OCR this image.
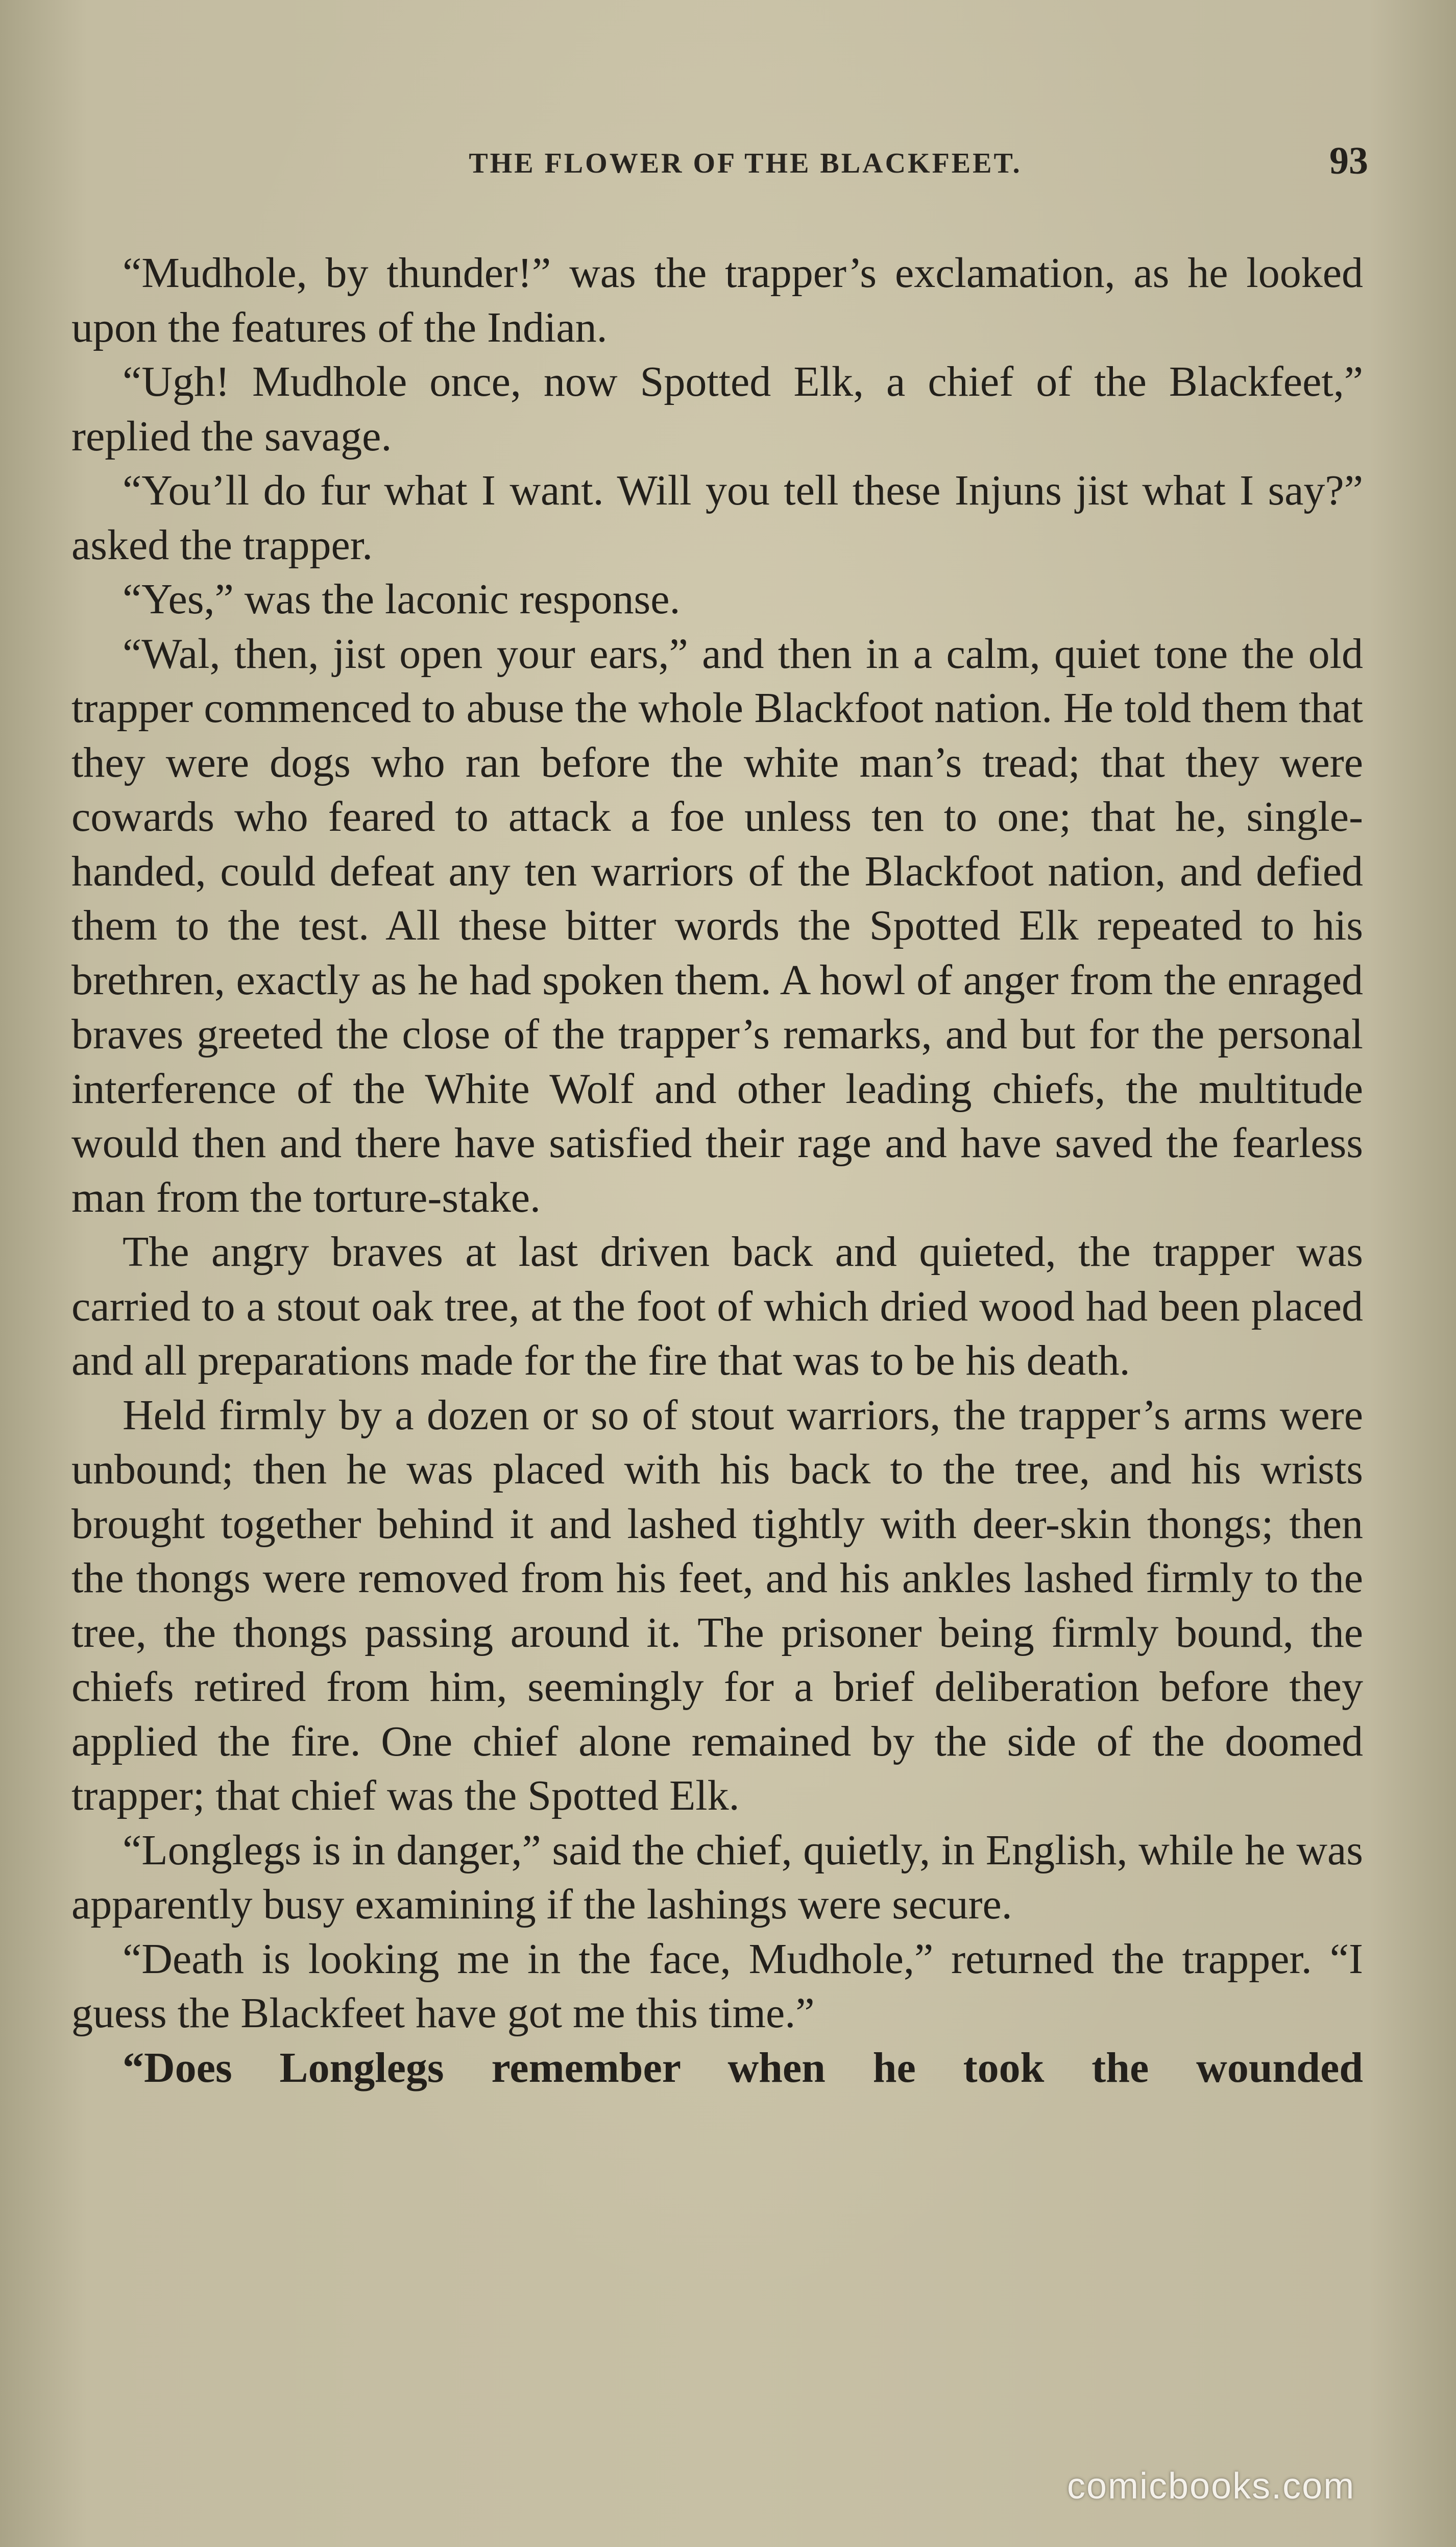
THE FLOWER OF THE BLACKFEET.	93

“Mudhole, by thunder!” was the trapper’s exclamation, as he looked upon the features of the Indian.

“Ugh! Mudhole once, now Spotted Elk, a chief of the Blackfeet,” replied the savage.

“You’ll do fur what I want. Will you tell these Injuns jist what I say?” asked the trapper.

“Yes,” was the laconic response.

“Wal, then, jist open your ears,” and then in a calm, quiet tone the old trapper commenced to abuse the whole Blackfoot nation. He told them that they were dogs who ran before the white man’s tread; that they were cowards who feared to attack a foe unless ten to one; that he, single-handed, could defeat any ten warriors of the Blackfoot nation, and defied them to the test. All these bitter words the Spotted Elk repeated to his brethren, exactly as he had spoken them. A howl of anger from the enraged braves greeted the close of the trapper’s remarks, and but for the personal interference of the White Wolf and other leading chiefs, the multitude would then and there have satisfied their rage and have saved the fearless man from the torture-stake.

The angry braves at last driven back and quieted, the trapper was carried to a stout oak tree, at the foot of which dried wood had been placed and all preparations made for the fire that was to be his death.

Held firmly by a dozen or so of stout warriors, the trapper’s arms were unbound; then he was placed with his back to the tree, and his wrists brought together behind it and lashed tightly with deer-skin thongs; then the thongs were removed from his feet, and his ankles lashed firmly to the tree, the thongs passing around it. The prisoner being firmly bound, the chiefs retired from him, seemingly for a brief deliberation before they applied the fire. One chief alone remained by the side of the doomed trapper; that chief was the Spotted Elk.

“Longlegs is in danger,” said the chief, quietly, in English, while he was apparently busy examining if the lashings were secure.

“Death is looking me in the face, Mudhole,” returned the trapper. “I guess the Blackfeet have got me this time.”

“Does Longlegs remember when he took the wounded

comicbooks.com
